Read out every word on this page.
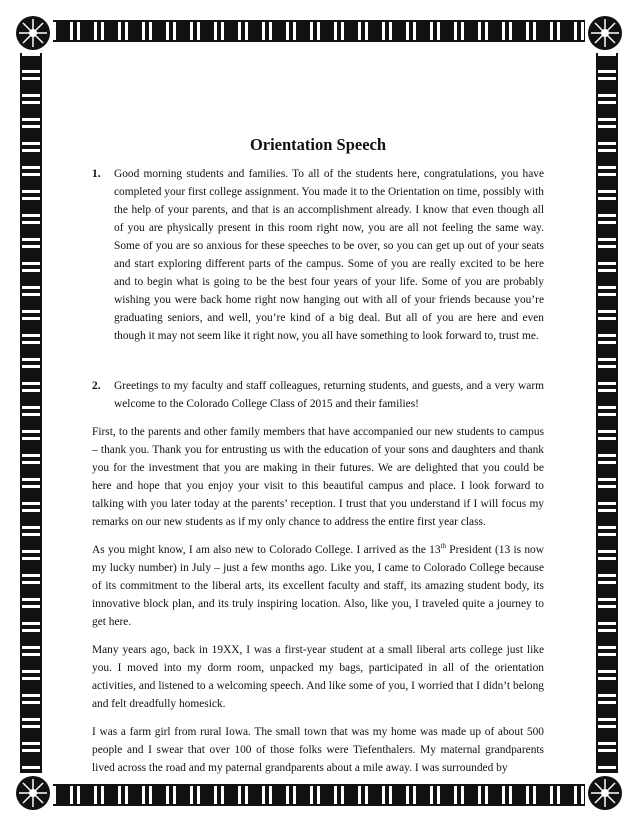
Orientation Speech
1. Good morning students and families. To all of the students here, congratulations, you have completed your first college assignment. You made it to the Orientation on time, possibly with the help of your parents, and that is an accomplishment already. I know that even though all of you are physically present in this room right now, you are all not feeling the same way. Some of you are so anxious for these speeches to be over, so you can get up out of your seats and start exploring different parts of the campus. Some of you are really excited to be here and to begin what is going to be the best four years of your life. Some of you are probably wishing you were back home right now hanging out with all of your friends because you’re graduating seniors, and well, you’re kind of a big deal. But all of you are here and even though it may not seem like it right now, you all have something to look forward to, trust me.
2. Greetings to my faculty and staff colleagues, returning students, and guests, and a very warm welcome to the Colorado College Class of 2015 and their families!

First, to the parents and other family members that have accompanied our new students to campus – thank you. Thank you for entrusting us with the education of your sons and daughters and thank you for the investment that you are making in their futures. We are delighted that you could be here and hope that you enjoy your visit to this beautiful campus and place. I look forward to talking with you later today at the parents’ reception. I trust that you understand if I will focus my remarks on our new students as if my only chance to address the entire first year class.

As you might know, I am also new to Colorado College. I arrived as the 13th President (13 is now my lucky number) in July – just a few months ago. Like you, I came to Colorado College because of its commitment to the liberal arts, its excellent faculty and staff, its amazing student body, its innovative block plan, and its truly inspiring location. Also, like you, I traveled quite a journey to get here.

Many years ago, back in 19XX, I was a first-year student at a small liberal arts college just like you. I moved into my dorm room, unpacked my bags, participated in all of the orientation activities, and listened to a welcoming speech. And like some of you, I worried that I didn’t belong and felt dreadfully homesick.

I was a farm girl from rural Iowa. The small town that was my home was made up of about 500 people and I swear that over 100 of those folks were Tiefenthalers. My maternal grandparents lived across the road and my paternal grandparents about a mile away. I was surrounded by
